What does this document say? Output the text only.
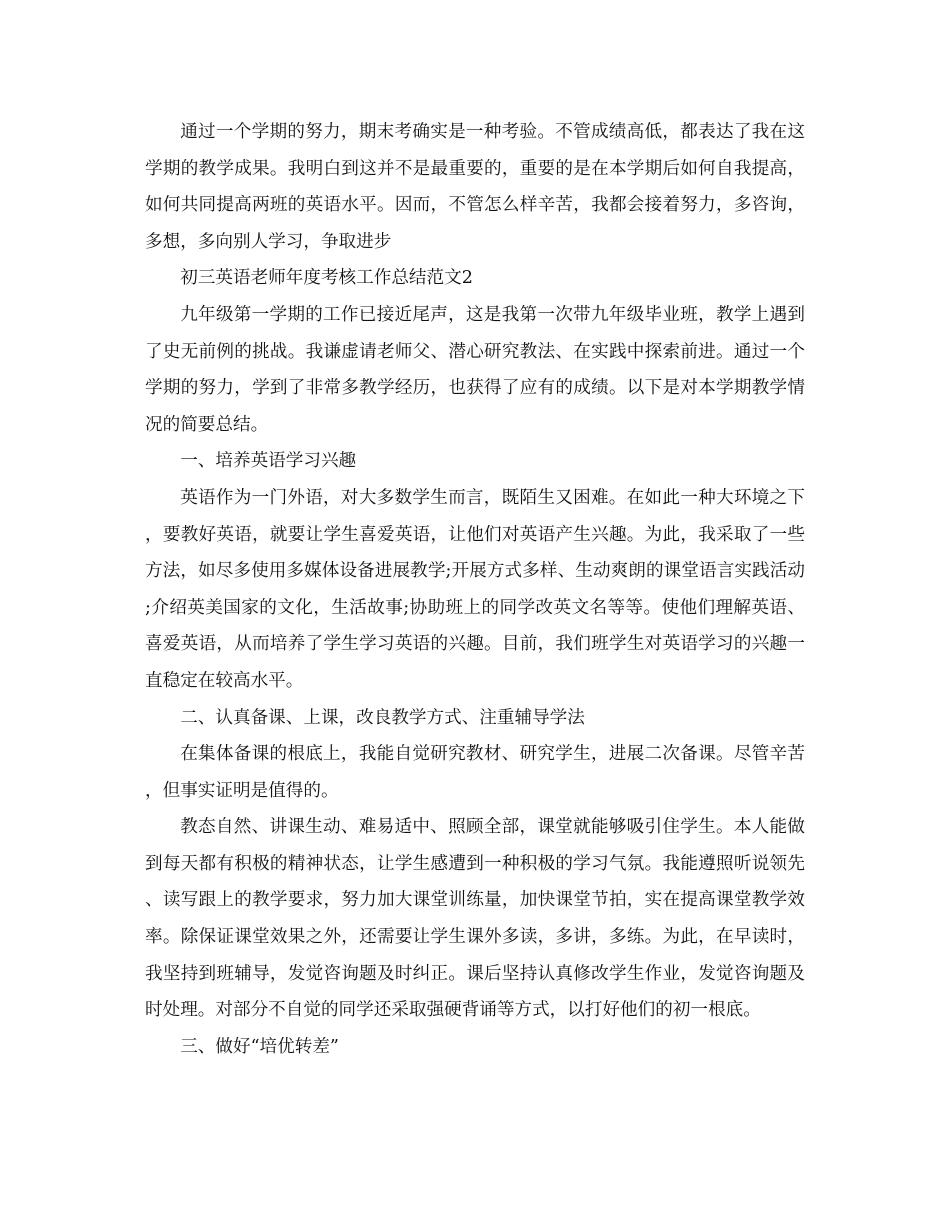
通过一个学期的努力，期末考确实是一种考验。不管成绩高低，都表达了我在这学期的教学成果。我明白到这并不是最重要的，重要的是在本学期后如何自我提高，如何共同提高两班的英语水平。因而，不管怎么样辛苦，我都会接着努力，多咨询，多想，多向别人学习，争取进步

初三英语老师年度考核工作总结范文2

九年级第一学期的工作已接近尾声，这是我第一次带九年级毕业班，教学上遇到了史无前例的挑战。我谦虚请老师父、潜心研究教法、在实践中探索前进。通过一个学期的努力，学到了非常多教学经历，也获得了应有的成绩。以下是对本学期教学情况的简要总结。

一、培养英语学习兴趣

英语作为一门外语，对大多数学生而言，既陌生又困难。在如此一种大环境之下，要教好英语，就要让学生喜爱英语，让他们对英语产生兴趣。为此，我采取了一些方法，如尽多使用多媒体设备进展教学;开展方式多样、生动爽朗的课堂语言实践活动;介绍英美国家的文化，生活故事;协助班上的同学改英文名等等。使他们理解英语、喜爱英语，从而培养了学生学习英语的兴趣。目前，我们班学生对英语学习的兴趣一直稳定在较高水平。

二、认真备课、上课，改良教学方式、注重辅导学法

在集体备课的根底上，我能自觉研究教材、研究学生，进展二次备课。尽管辛苦，但事实证明是值得的。

教态自然、讲课生动、难易适中、照顾全部，课堂就能够吸引住学生。本人能做到每天都有积极的精神状态，让学生感遭到一种积极的学习气氛。我能遵照听说领先、读写跟上的教学要求，努力加大课堂训练量，加快课堂节拍，实在提高课堂教学效率。除保证课堂效果之外，还需要让学生课外多读，多讲，多练。为此，在早读时，我坚持到班辅导，发觉咨询题及时纠正。课后坚持认真修改学生作业，发觉咨询题及时处理。对部分不自觉的同学还采取强硬背诵等方式，以打好他们的初一根底。

三、做好“培优转差”
